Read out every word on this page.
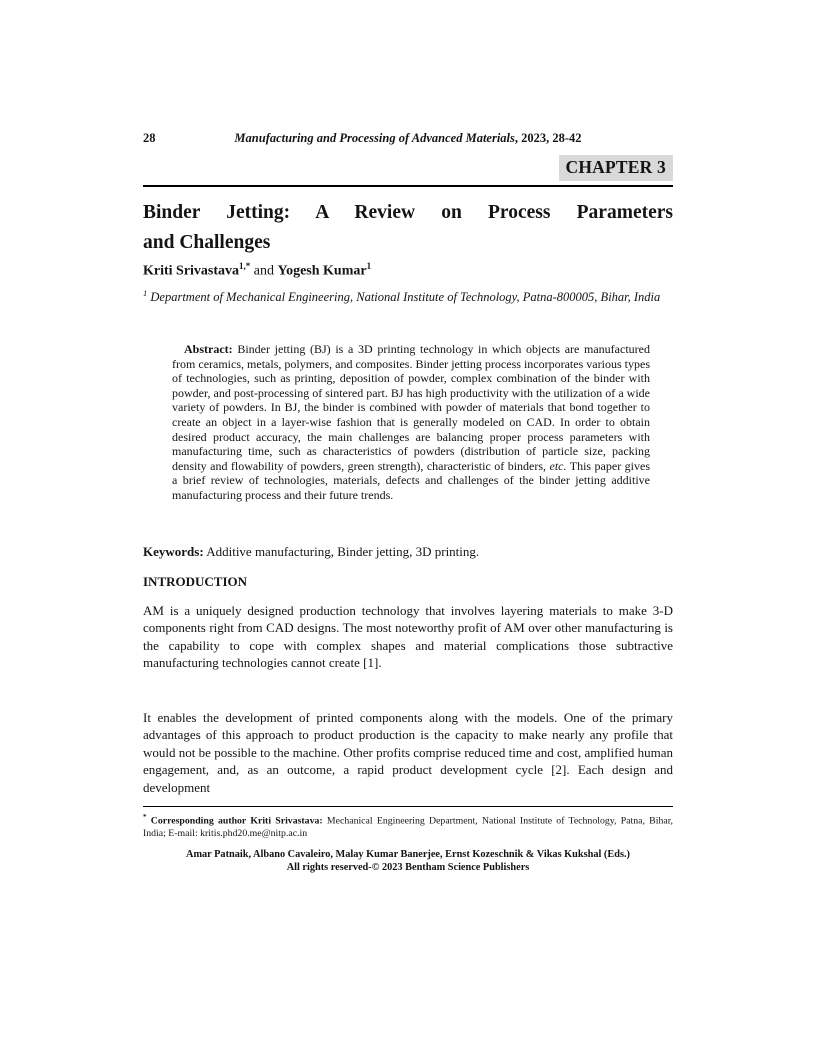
28	Manufacturing and Processing of Advanced Materials, 2023, 28-42
CHAPTER 3
Binder Jetting: A Review on Process Parameters
and Challenges
Kriti Srivastava$^{1,*}$ and Yogesh Kumar$^1$
$^1$ Department of Mechanical Engineering, National Institute of Technology, Patna-800005, Bihar, India

Abstract: Binder jetting (BJ) is a 3D printing technology in which objects are manufactured from ceramics, metals, polymers, and composites. Binder jetting process incorporates various types of technologies, such as printing, deposition of powder, complex combination of the binder with powder, and post-processing of sintered part. BJ has high productivity with the utilization of a wide variety of powders. In BJ, the binder is combined with powder of materials that bond together to create an object in a layer-wise fashion that is generally modeled on CAD. In order to obtain desired product accuracy, the main challenges are balancing proper process parameters with manufacturing time, such as characteristics of powders (distribution of particle size, packing density and flowability of powders, green strength), characteristic of binders, etc. This paper gives a brief review of technologies, materials, defects and challenges of the binder jetting additive manufacturing process and their future trends.

Keywords: Additive manufacturing, Binder jetting, 3D printing.
INTRODUCTION

AM is a uniquely designed production technology that involves layering materials to make 3-D components right from CAD designs. The most noteworthy profit of AM over other manufacturing is the capability to cope with complex shapes and material complications those subtractive manufacturing technologies cannot create [1].

It enables the development of printed components along with the models. One of the primary advantages of this approach to product production is the capacity to make nearly any profile that would not be possible to the machine. Other profits comprise reduced time and cost, amplified human engagement, and, as an outcome, a rapid product development cycle [2]. Each design and development

* Corresponding author Kriti Srivastava: Mechanical Engineering Department, National Institute of Technology, Patna, Bihar, India; E-mail: kritis.phd20.me@nitp.ac.in
Amar Patnaik, Albano Cavaleiro, Malay Kumar Banerjee, Ernst Kozeschnik & Vikas Kukshal (Eds.)
All rights reserved-© 2023 Bentham Science Publishers
